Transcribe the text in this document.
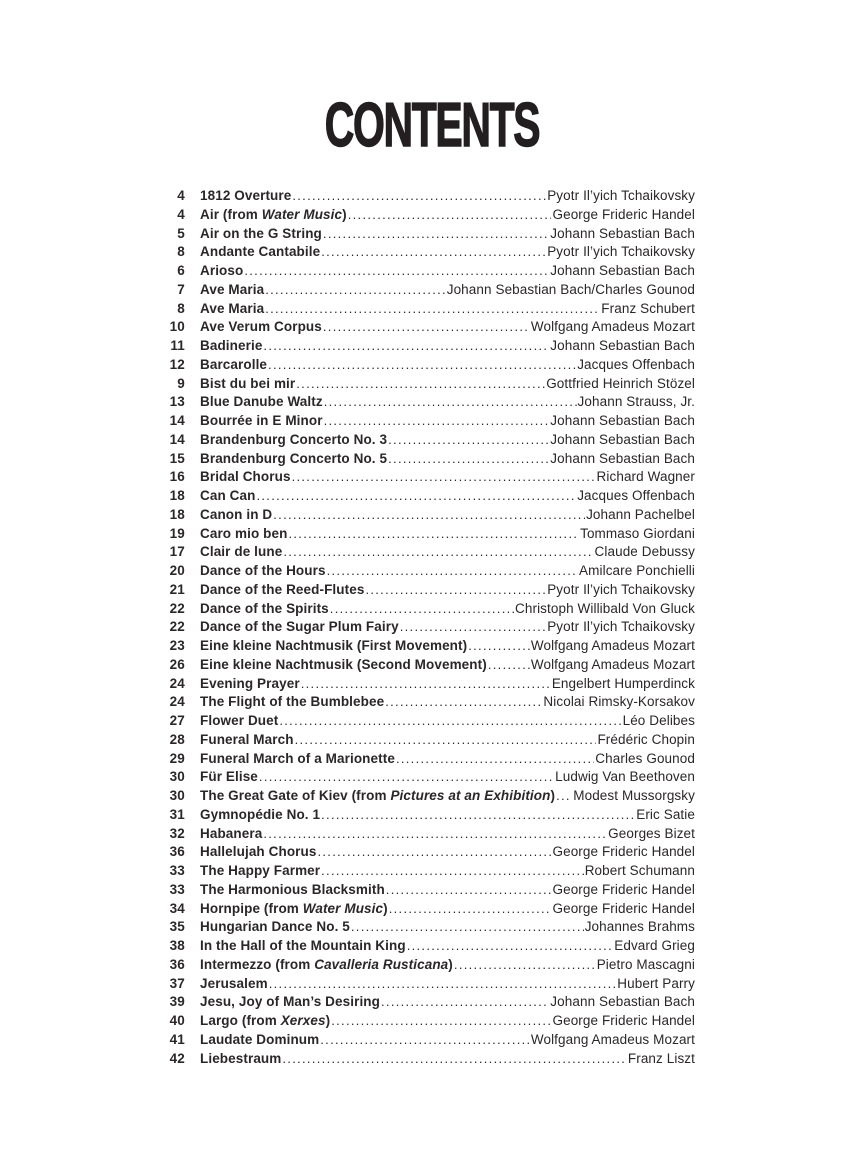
CONTENTS
4	1812 Overture .....	Pyotr Il’yich Tchaikovsky
4	Air (from Water Music) .....	George Frideric Handel
5	Air on the G String .....	Johann Sebastian Bach
8	Andante Cantabile .....	Pyotr Il’yich Tchaikovsky
6	Arioso .....	Johann Sebastian Bach
7	Ave Maria .....	Johann Sebastian Bach/Charles Gounod
8	Ave Maria .....	Franz Schubert
10	Ave Verum Corpus .....	Wolfgang Amadeus Mozart
11	Badinerie .....	Johann Sebastian Bach
12	Barcarolle .....	Jacques Offenbach
9	Bist du bei mir .....	Gottfried Heinrich Stözel
13	Blue Danube Waltz .....	Johann Strauss, Jr.
14	Bourrée in E Minor .....	Johann Sebastian Bach
14	Brandenburg Concerto No. 3 .....	Johann Sebastian Bach
15	Brandenburg Concerto No. 5 .....	Johann Sebastian Bach
16	Bridal Chorus .....	Richard Wagner
18	Can Can .....	Jacques Offenbach
18	Canon in D .....	Johann Pachelbel
19	Caro mio ben .....	Tommaso Giordani
17	Clair de lune .....	Claude Debussy
20	Dance of the Hours .....	Amilcare Ponchielli
21	Dance of the Reed-Flutes .....	Pyotr Il’yich Tchaikovsky
22	Dance of the Spirits .....	Christoph Willibald Von Gluck
22	Dance of the Sugar Plum Fairy .....	Pyotr Il’yich Tchaikovsky
23	Eine kleine Nachtmusik (First Movement) .....	Wolfgang Amadeus Mozart
26	Eine kleine Nachtmusik (Second Movement) .....	Wolfgang Amadeus Mozart
24	Evening Prayer .....	Engelbert Humperdinck
24	The Flight of the Bumblebee .....	Nicolai Rimsky-Korsakov
27	Flower Duet .....	Léo Delibes
28	Funeral March .....	Frédéric Chopin
29	Funeral March of a Marionette .....	Charles Gounod
30	Für Elise .....	Ludwig Van Beethoven
30	The Great Gate of Kiev (from Pictures at an Exhibition) ..... Modest Mussorgsky
31	Gymnopédie No. 1 .....	Eric Satie
32	Habanera .....	Georges Bizet
36	Hallelujah Chorus .....	George Frideric Handel
33	The Happy Farmer .....	Robert Schumann
33	The Harmonious Blacksmith .....	George Frideric Handel
34	Hornpipe (from Water Music) .....	George Frideric Handel
35	Hungarian Dance No. 5 .....	Johannes Brahms
38	In the Hall of the Mountain King .....	Edvard Grieg
36	Intermezzo (from Cavalleria Rusticana) .....	Pietro Mascagni
37	Jerusalem .....	Hubert Parry
39	Jesu, Joy of Man’s Desiring .....	Johann Sebastian Bach
40	Largo (from Xerxes) .....	George Frideric Handel
41	Laudate Dominum .....	Wolfgang Amadeus Mozart
42	Liebestraum .....	Franz Liszt
